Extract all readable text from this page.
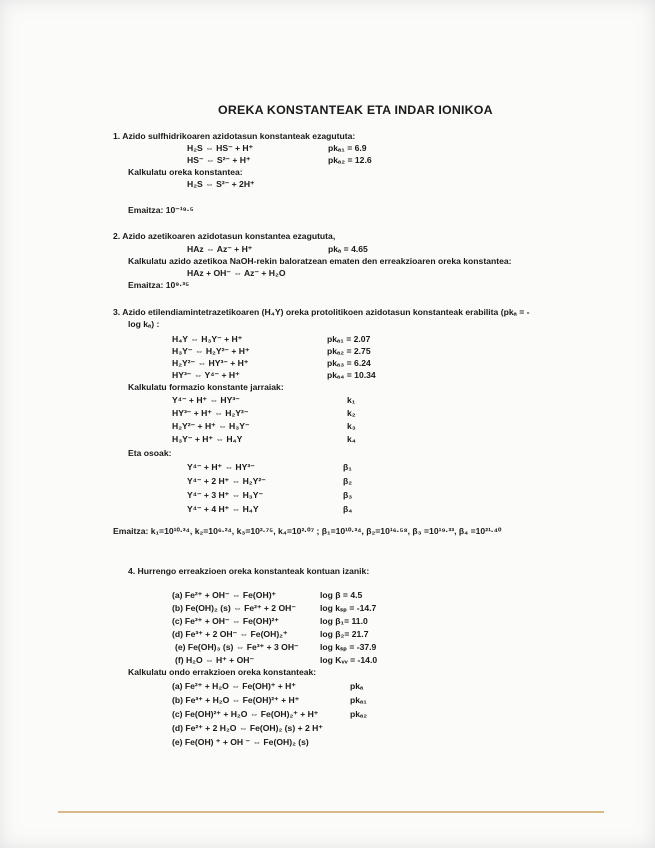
OREKA KONSTANTEAK ETA INDAR IONIKOA
1. Azido sulfhidrikoaren azidotasun konstanteak ezagututa:
H₂S ⇔ HS⁻ + H⁺	pkₐ₁ = 6.9
HS⁻ ⇔ S²⁻ + H⁺	pkₐ₂ = 12.6
Kalkulatu oreka konstantea:
H₂S ⇔ S²⁻ + 2H⁺
Emaitza: 10⁻¹⁹·⁵
2. Azido azetikoaren azidotasun konstantea ezagututa,
HAz ⇔ Az⁻ + H⁺	pkₐ = 4.65
Kalkulatu azido azetikoa NaOH-rekin baloratzean ematen den erreakzioaren oreka konstantea:
HAz + OH⁻ ⇔ Az⁻ + H₂O
Emaitza: 10⁹·³⁵
3. Azido etilendiamintetrazetikoaren (H₄Y) oreka protolitikoen azidotasun konstanteak erabilita (pkₐ = -
log kₐ) :
H₄Y ⇔ H₃Y⁻ + H⁺	pkₐ₁ = 2.07
H₃Y⁻ ⇔ H₂Y²⁻ + H⁺	pkₐ₂ = 2.75
H₂Y²⁻ ⇔ HY³⁻ + H⁺	pkₐ₃ = 6.24
HY³⁻ ⇔ Y⁴⁻ + H⁺	pkₐ₄ = 10.34
Kalkulatu formazio konstante jarraiak:
Y⁴⁻ + H⁺ ⇔ HY³⁻	k₁
HY³⁻ + H⁺ ⇔ H₂Y²⁻	k₂
H₂Y²⁻ + H⁺ ⇔ H₃Y⁻	k₃
H₃Y⁻ + H⁺ ⇔ H₄Y	k₄
Eta osoak:
Y⁴⁻ + H⁺ ⇔ HY³⁻	β₁
Y⁴⁻ + 2 H⁺ ⇔ H₂Y²⁻	β₂
Y⁴⁻ + 3 H⁺ ⇔ H₃Y⁻	β₃
Y⁴⁻ + 4 H⁺ ⇔ H₄Y	β₄
Emaitza: k₁=10¹⁰·³⁴, k₂=10⁶·²⁴, k₃=10²·⁷⁵, k₄=10²·⁰⁷ ; β₁=10¹⁰·³⁴, β₂=10¹⁶·⁵⁸, β₃ =10¹⁹·³³, β₄ =10²¹·⁴⁰
4. Hurrengo erreakzioen oreka konstanteak kontuan izanik:
(a) Fe²⁺ + OH⁻ ⇔ Fe(OH)⁺	log β = 4.5
(b) Fe(OH)₂ (s) ⇔ Fe²⁺ + 2 OH⁻	log kₛₚ = -14.7
(c) Fe³⁺ + OH⁻ ⇔ Fe(OH)²⁺	log β₁= 11.0
(d) Fe³⁺ + 2 OH⁻ ⇔ Fe(OH)₂⁺	log β₂= 21.7
(e) Fe(OH)₃ (s) ⇔ Fe³⁺ + 3 OH⁻ log kₛₚ = -37.9
(f) H₂O ⇔ H⁺ + OH⁻	log Kᵥᵥ = -14.0
Kalkulatu ondo errakzioen oreka konstanteak:
(a) Fe²⁺ + H₂O ⇔ Fe(OH)⁺ + H⁺	pkₐ
(b) Fe³⁺ + H₂O ⇔ Fe(OH)²⁺ + H⁺	pkₐ₁
(c) Fe(OH)²⁺ + H₂O ⇔ Fe(OH)₂⁺ + H⁺	pkₐ₂
(d) Fe²⁺ + 2 H₂O ⇔ Fe(OH)₂ (s) + 2 H⁺
(e) Fe(OH) ⁺ + OH ⁻ ⇔ Fe(OH)₂ (s)
